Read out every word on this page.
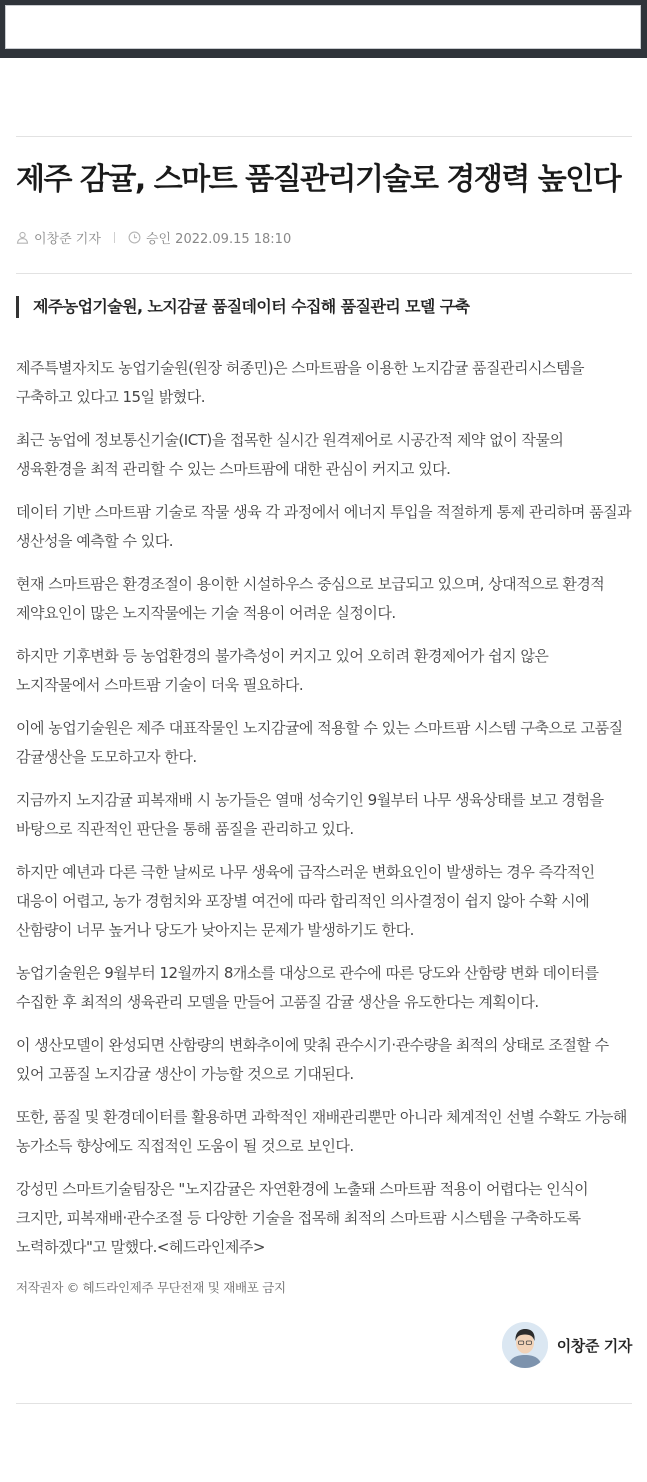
제주 감귤, 스마트 품질관리기술로 경쟁력 높인다
이창준 기자	승인 2022.09.15 18:10
제주농업기술원, 노지감귤 품질데이터 수집해 품질관리 모델 구축

제주특별자치도 농업기술원(원장 허종민)은 스마트팜을 이용한 노지감귤 품질관리시스템을 구축하고 있다고 15일 밝혔다.

최근 농업에 정보통신기술(ICT)을 접목한 실시간 원격제어로 시공간적 제약 없이 작물의 생육환경을 최적 관리할 수 있는 스마트팜에 대한 관심이 커지고 있다.

데이터 기반 스마트팜 기술로 작물 생육 각 과정에서 에너지 투입을 적절하게 통제 관리하며 품질과 생산성을 예측할 수 있다.

현재 스마트팜은 환경조절이 용이한 시설하우스 중심으로 보급되고 있으며, 상대적으로 환경적 제약요인이 많은 노지작물에는 기술 적용이 어려운 실정이다.

하지만 기후변화 등 농업환경의 불가측성이 커지고 있어 오히려 환경제어가 쉽지 않은 노지작물에서 스마트팜 기술이 더욱 필요하다.

이에 농업기술원은 제주 대표작물인 노지감귤에 적용할 수 있는 스마트팜 시스템 구축으로 고품질 감귤생산을 도모하고자 한다.

지금까지 노지감귤 피복재배 시 농가들은 열매 성숙기인 9월부터 나무 생육상태를 보고 경험을 바탕으로 직관적인 판단을 통해 품질을 관리하고 있다.

하지만 예년과 다른 극한 날씨로 나무 생육에 급작스러운 변화요인이 발생하는 경우 즉각적인 대응이 어렵고, 농가 경험치와 포장별 여건에 따라 합리적인 의사결정이 쉽지 않아 수확 시에 산함량이 너무 높거나 당도가 낮아지는 문제가 발생하기도 한다.

농업기술원은 9월부터 12월까지 8개소를 대상으로 관수에 따른 당도와 산함량 변화 데이터를 수집한 후 최적의 생육관리 모델을 만들어 고품질 감귤 생산을 유도한다는 계획이다.

이 생산모델이 완성되면 산함량의 변화추이에 맞춰 관수시기·관수량을 최적의 상태로 조절할 수 있어 고품질 노지감귤 생산이 가능할 것으로 기대된다.

또한, 품질 및 환경데이터를 활용하면 과학적인 재배관리뿐만 아니라 체계적인 선별 수확도 가능해 농가소득 향상에도 직접적인 도움이 될 것으로 보인다.

강성민 스마트기술팀장은 "노지감귤은 자연환경에 노출돼 스마트팜 적용이 어렵다는 인식이 크지만, 피복재배·관수조절 등 다양한 기술을 접목해 최적의 스마트팜 시스템을 구축하도록 노력하겠다"고 말했다.<헤드라인제주>

저작권자 © 헤드라인제주 무단전재 및 재배포 금지
이창준 기자
